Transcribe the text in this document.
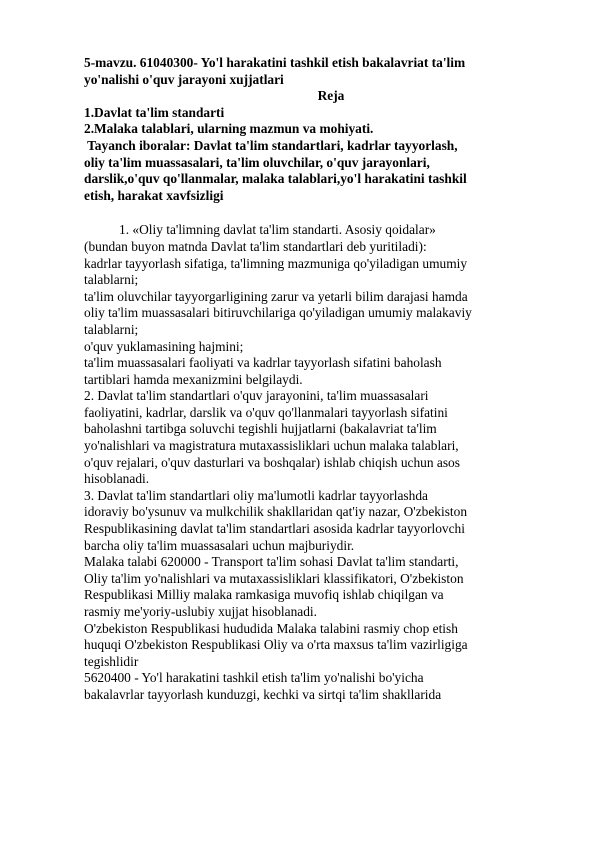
5-mavzu. 61040300- Yo'l harakatini tashkil etish bakalavriat ta'lim

yo'nalishi o'quv jarayoni xujjatlari

Reja

1.Davlat ta'lim standarti

2.Malaka talablari, ularning mazmun va mohiyati.

Tayanch iboralar: Davlat ta'lim standartlari, kadrlar tayyorlash,

oliy ta'lim muassasalari, ta'lim oluvchilar, o'quv jarayonlari,

darslik,o'quv qo'llanmalar, malaka talablari,yo'l harakatini tashkil

etish, harakat xavfsizligi

1. «Oliy ta'limning davlat ta'lim standarti. Asosiy qoidalar»

(bundan buyon matnda Davlat ta'lim standartlari deb yuritiladi):

kadrlar tayyorlash sifatiga, ta'limning mazmuniga qo'yiladigan umumiy

talablarni;

ta'lim oluvchilar tayyorgarligining zarur va yetarli bilim darajasi hamda

oliy ta'lim muassasalari bitiruvchilariga qo'yiladigan umumiy malakaviy

talablarni;

o'quv yuklamasining hajmini;

ta'lim muassasalari faoliyati va kadrlar tayyorlash sifatini baholash

tartiblari hamda mexanizmini belgilaydi.

2. Davlat ta'lim standartlari o'quv jarayonini, ta'lim muassasalari

faoliyatini, kadrlar, darslik va o'quv qo'llanmalari tayyorlash sifatini

baholashni tartibga soluvchi tegishli hujjatlarni (bakalavriat ta'lim

yo'nalishlari va magistratura mutaxassisliklari uchun malaka talablari,

o'quv rejalari, o'quv dasturlari va boshqalar) ishlab chiqish uchun asos

hisoblanadi.

3. Davlat ta'lim standartlari oliy ma'lumotli kadrlar tayyorlashda

idoraviy bo'ysunuv va mulkchilik shakllaridan qat'iy nazar, O'zbekiston

Respublikasining davlat ta'lim standartlari asosida kadrlar tayyorlovchi

barcha oliy ta'lim muassasalari uchun majburiydir.

Malaka talabi 620000 - Transport ta'lim sohasi Davlat ta'lim standarti,

Oliy ta'lim yo'nalishlari va mutaxassisliklari klassifikatori, O'zbekiston

Respublikasi Milliy malaka ramkasiga muvofiq ishlab chiqilgan va

rasmiy me'yoriy-uslubiy xujjat hisoblanadi.

O'zbekiston Respublikasi hududida Malaka talabini rasmiy chop etish

huquqi O'zbekiston Respublikasi Oliy va o'rta maxsus ta'lim vazirligiga

tegishlidir

5620400 - Yo'l harakatini tashkil etish ta'lim yo'nalishi bo'yicha

bakalavrlar tayyorlash kunduzgi, kechki va sirtqi ta'lim shakllarida
